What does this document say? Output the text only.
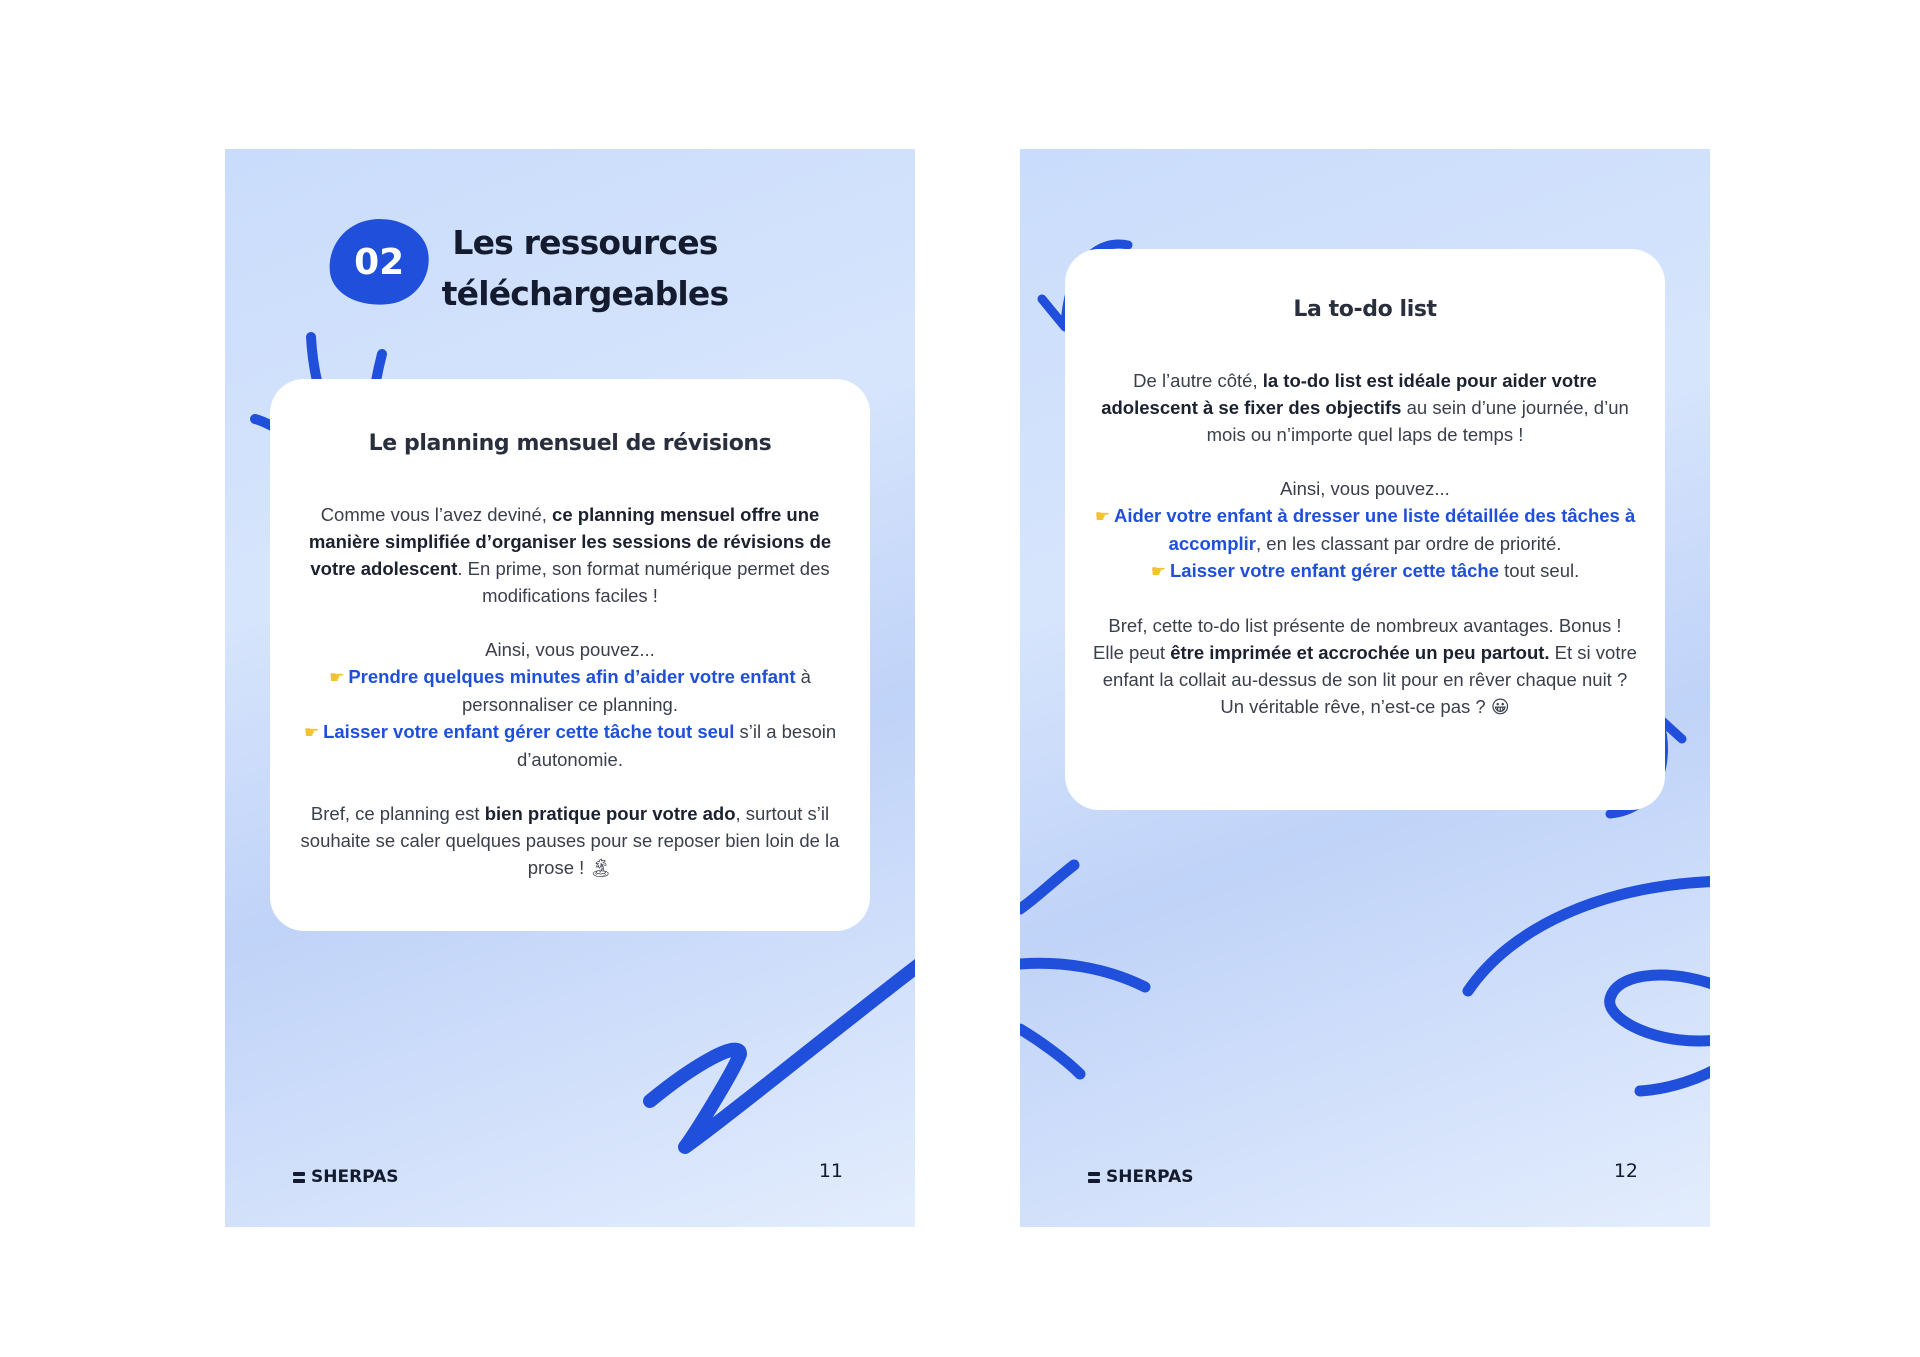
02	Les ressources téléchargeables
Le planning mensuel de révisions

Comme vous l’avez deviné, ce planning mensuel offre une manière simplifiée d’organiser les sessions de révisions de votre adolescent. En prime, son format numérique permet des modifications faciles !

Ainsi, vous pouvez...
☛ Prendre quelques minutes afin d’aider votre enfant à personnaliser ce planning.
☛ Laisser votre enfant gérer cette tâche tout seul s’il a besoin d’autonomie.

Bref, ce planning est bien pratique pour votre ado, surtout s’il souhaite se caler quelques pauses pour se reposer bien loin de la prose ! 🏝

SHERPAS	11
La to-do list

De l’autre côté, la to-do list est idéale pour aider votre adolescent à se fixer des objectifs au sein d’une journée, d’un mois ou n’importe quel laps de temps !

Ainsi, vous pouvez...
☛ Aider votre enfant à dresser une liste détaillée des tâches à accomplir, en les classant par ordre de priorité.
☛ Laisser votre enfant gérer cette tâche tout seul.

Bref, cette to-do list présente de nombreux avantages. Bonus ! Elle peut être imprimée et accrochée un peu partout. Et si votre enfant la collait au-dessus de son lit pour en rêver chaque nuit ? Un véritable rêve, n’est-ce pas ? 😀

SHERPAS	12
